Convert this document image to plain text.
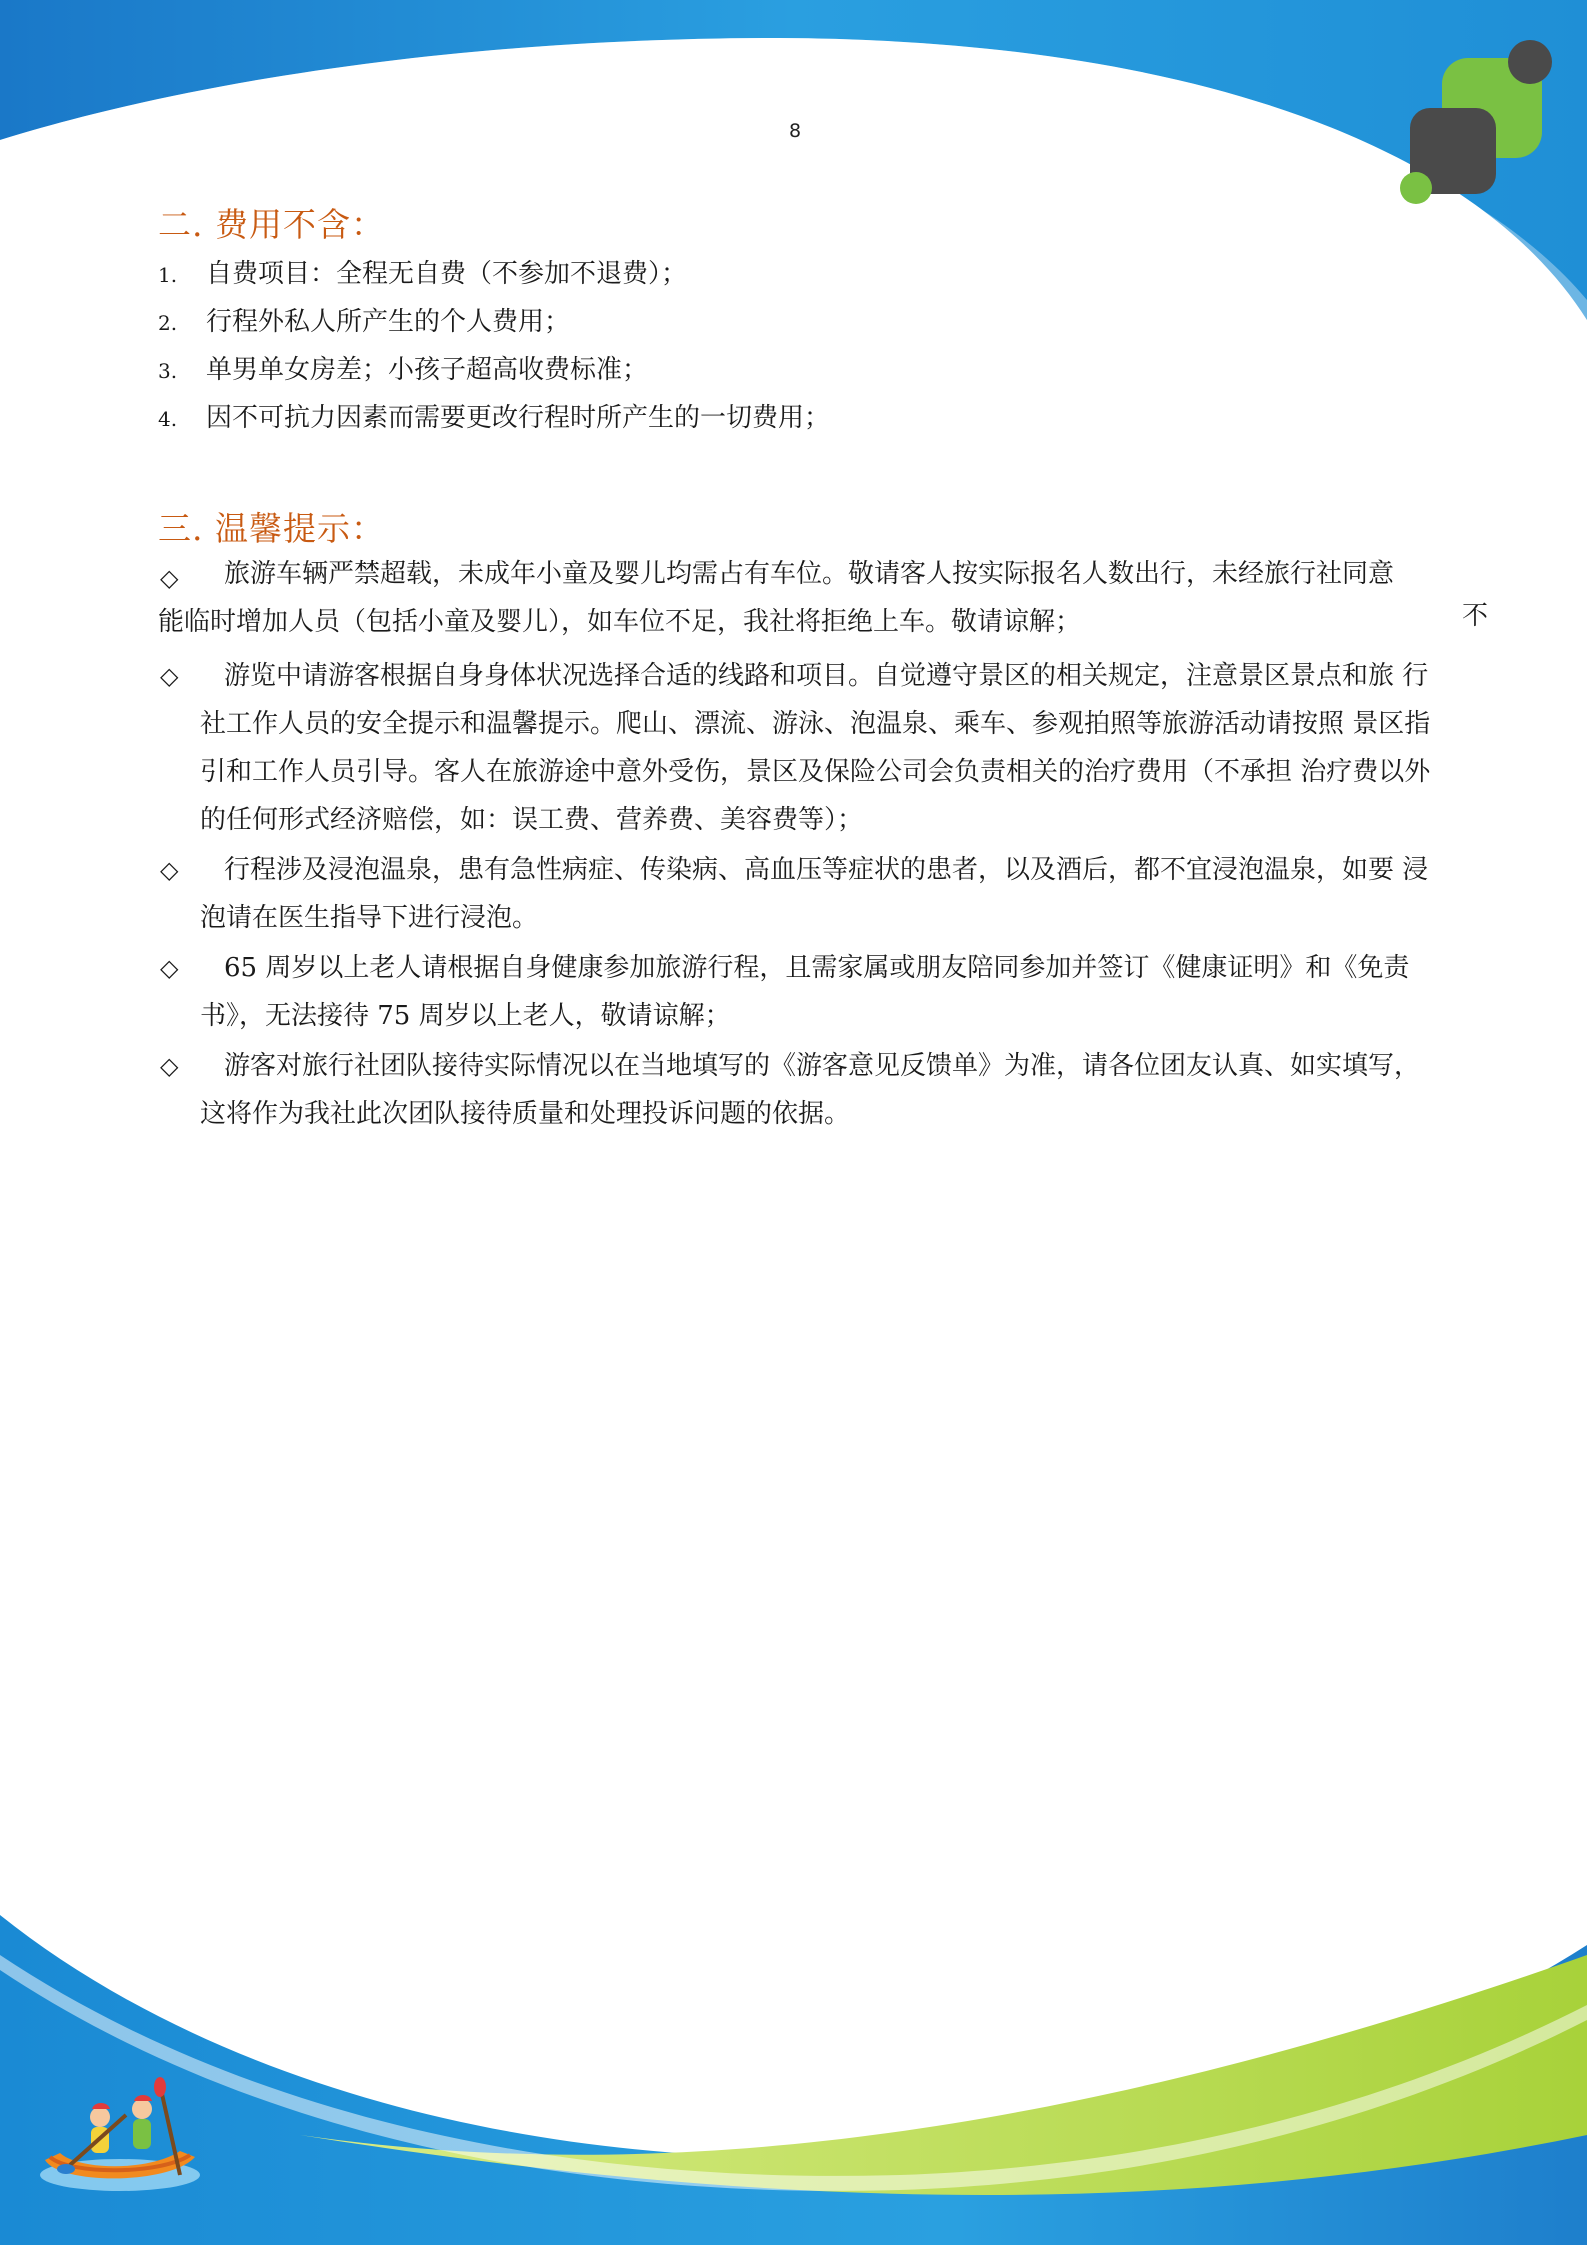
8
二. 费用不含：
1.	自费项目：全程无自费（不参加不退费）；
2.	行程外私人所产生的个人费用；
3.	单男单女房差；小孩子超高收费标准；
4.	因不可抗力因素而需要更改行程时所产生的一切费用；
三. 温馨提示：
◇	旅游车辆严禁超载，未成年小童及婴儿均需占有车位。敬请客人按实际报名人数出行，未经旅行社同意
不
能临时增加人员（包括小童及婴儿），如车位不足，我社将拒绝上车。敬请谅解；
◇	游览中请游客根据自身身体状况选择合适的线路和项目。自觉遵守景区的相关规定，注意景区景点和旅 行社工作人员的安全提示和温馨提示。爬山、漂流、游泳、泡温泉、乘车、参观拍照等旅游活动请按照 景区指引和工作人员引导。客人在旅游途中意外受伤，景区及保险公司会负责相关的治疗费用（不承担 治疗费以外的任何形式经济赔偿，如：误工费、营养费、美容费等）；
◇	行程涉及浸泡温泉，患有急性病症、传染病、高血压等症状的患者，以及酒后，都不宜浸泡温泉，如要 浸泡请在医生指导下进行浸泡。
◇	65 周岁以上老人请根据自身健康参加旅游行程，且需家属或朋友陪同参加并签订《健康证明》和《免责书》，无法接待 75 周岁以上老人，敬请谅解；
◇	游客对旅行社团队接待实际情况以在当地填写的《游客意见反馈单》为准，请各位团友认真、如实填写，这将作为我社此次团队接待质量和处理投诉问题的依据。
